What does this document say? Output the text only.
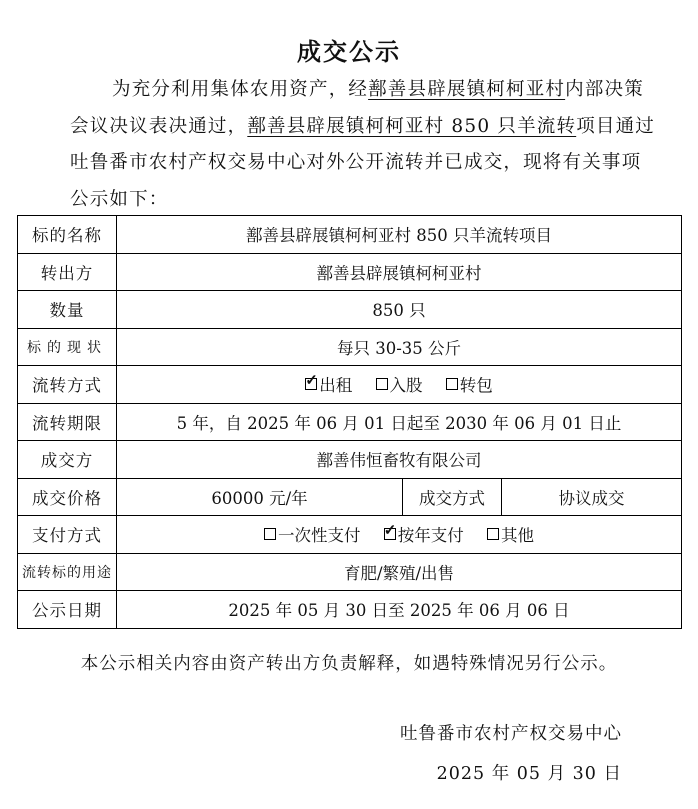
成交公示
为充分利用集体农用资产，经鄯善县辟展镇柯柯亚村内部决策会议决议表决通过，鄯善县辟展镇柯柯亚村 850 只羊流转项目通过吐鲁番市农村产权交易中心对外公开流转并已成交，现将有关事项公示如下：
标的名称	鄯善县辟展镇柯柯亚村 850 只羊流转项目		
转出方	鄯善县辟展镇柯柯亚村		
数量	850 只		
标的现状	每只 30-35 公斤		
流转方式	✓ 出租 入股 转包		
流转期限	5 年，自 2025 年 06 月 01 日起至 2030 年 06 月 01 日止		
成交方	鄯善伟恒畜牧有限公司		
成交价格	60000 元/年	成交方式	协议成交
支付方式	一次性支付 ✓ 按年支付 其他		
流转标的用途	育肥/繁殖/出售		
公示日期	2025 年 05 月 30 日至 2025 年 06 月 06 日		
本公示相关内容由资产转出方负责解释，如遇特殊情况另行公示。
吐鲁番市农村产权交易中心
2025 年 05 月 30 日
